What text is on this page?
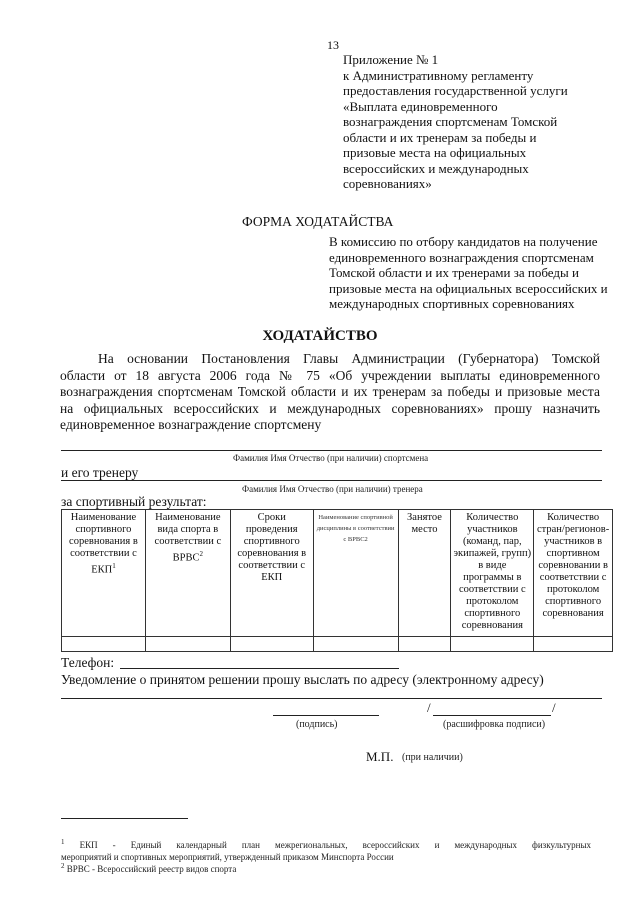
13
Приложение № 1
к Административному регламенту
предоставления государственной услуги
«Выплата единовременного
вознаграждения спортсменам Томской
области и их тренерам за победы и
призовые места на официальных
всероссийских и международных
соревнованиях»
ФОРМА ХОДАТАЙСТВА
В комиссию по отбору кандидатов на получение
единовременного вознаграждения спортсменам
Томской области и их тренерами за победы и
призовые места на официальных всероссийских и
международных спортивных соревнованиях
ХОДАТАЙСТВО
На основании Постановления Главы Администрации (Губернатора) Томской
области от 18 августа 2006 года № 75 «Об учреждении выплаты единовременного
вознаграждения спортсменам Томской области и их тренерам за победы и призовые места
на официальных всероссийских и международных соревнованиях» прошу назначить
единовременное вознаграждение спортсмену
Фамилия Имя Отчество (при наличии) спортсмена
и его тренеру
Фамилия Имя Отчество (при наличии) тренера
за спортивный результат:
Наименование спортивного соревнования в соответствии с ЕКП$^1$	Наименование вида спорта в соответствии с ВРВС$^2$	Сроки проведения спортивного соревнования в соответствии с ЕКП	Наименование спортивной дисциплины в соответствии с ВРВС2	Занятое место	Количество участников (команд, пар, экипажей, групп) в виде программы в соответствии с протоколом спортивного соревнования	Количество стран/регионов-участников в спортивном соревновании в соответствии с протоколом спортивного соревнования

Телефон:
Уведомление о принятом решении прошу выслать по адресу (электронному адресу)
(подпись)
/	/
(расшифровка подписи)
М.П. (при наличии)
$^1$ ЕКП - Единый календарный план межрегиональных, всероссийских и международных физкультурных
мероприятий и спортивных мероприятий, утвержденный приказом Минспорта России
$^2$ ВРВС - Всероссийский реестр видов спорта
